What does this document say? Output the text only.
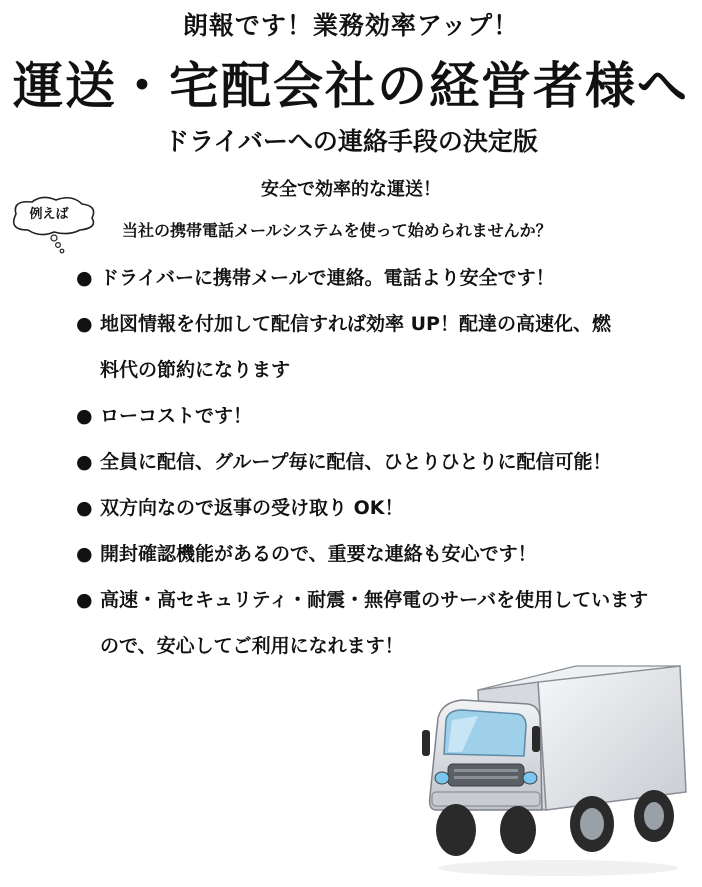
朗報です！業務効率アップ！
運送・宅配会社の経営者様へ
ドライバーへの連絡手段の決定版
安全で効率的な運送！
例えば
当社の携帯電話メールシステムを使って始められませんか？
● ドライバーに携帯メールで連絡。電話より安全です！
● 地図情報を付加して配信すれば効率 UP！配達の高速化、燃
料代の節約になります
● ローコストです！
● 全員に配信、グループ毎に配信、ひとりひとりに配信可能！
● 双方向なので返事の受け取り OK！
● 開封確認機能があるので、重要な連絡も安心です！
● 高速・高セキュリティ・耐震・無停電のサーバを使用しています
ので、安心してご利用になれます！
